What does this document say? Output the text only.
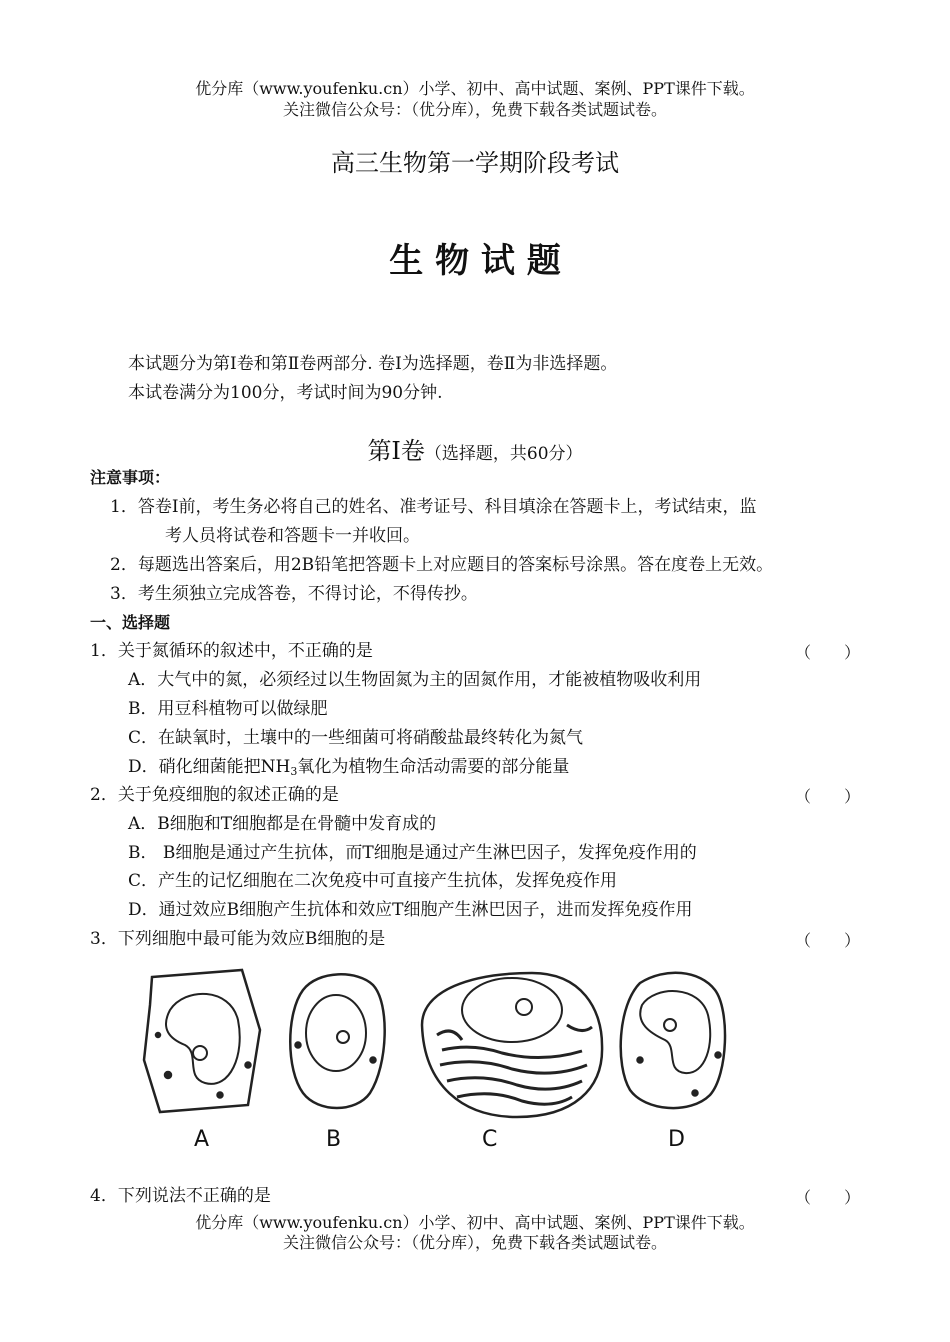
优分库（www.youfenku.cn）小学、初中、高中试题、案例、PPT课件下载。
关注微信公众号：（优分库），免费下载各类试题试卷。
高三生物第一学期阶段考试
生 物 试 题
本试题分为第Ⅰ卷和第Ⅱ卷两部分. 卷Ⅰ为选择题，卷Ⅱ为非选择题。
本试卷满分为100分，考试时间为90分钟.
第Ⅰ卷（选择题，共60分）
注意事项：
1．答卷Ⅰ前，考生务必将自己的姓名、准考证号、科目填涂在答题卡上，考试结束，监
考人员将试卷和答题卡一并收回。
2．每题选出答案后，用2B铅笔把答题卡上对应题目的答案标号涂黑。答在度卷上无效。
3．考生须独立完成答卷，不得讨论，不得传抄。
一、选择题
1．关于氮循环的叙述中，不正确的是	（ ）
A．大气中的氮，必须经过以生物固氮为主的固氮作用，才能被植物吸收利用
B．用豆科植物可以做绿肥
C．在缺氧时，土壤中的一些细菌可将硝酸盐最终转化为氮气
D．硝化细菌能把$NH_3$氧化为植物生命活动需要的部分能量
2．关于免疫细胞的叙述正确的是	（ ）
A．B细胞和T细胞都是在骨髓中发育成的
B． B细胞是通过产生抗体，而T细胞是通过产生淋巴因子，发挥免疫作用的
C．产生的记忆细胞在二次免疫中可直接产生抗体，发挥免疫作用
D．通过效应B细胞产生抗体和效应T细胞产生淋巴因子，进而发挥免疫作用
3．下列细胞中最可能为效应B细胞的是	（ ）
A	B	C	D
4．下列说法不正确的是	（ ）
优分库（www.youfenku.cn）小学、初中、高中试题、案例、PPT课件下载。
关注微信公众号：（优分库），免费下载各类试题试卷。
